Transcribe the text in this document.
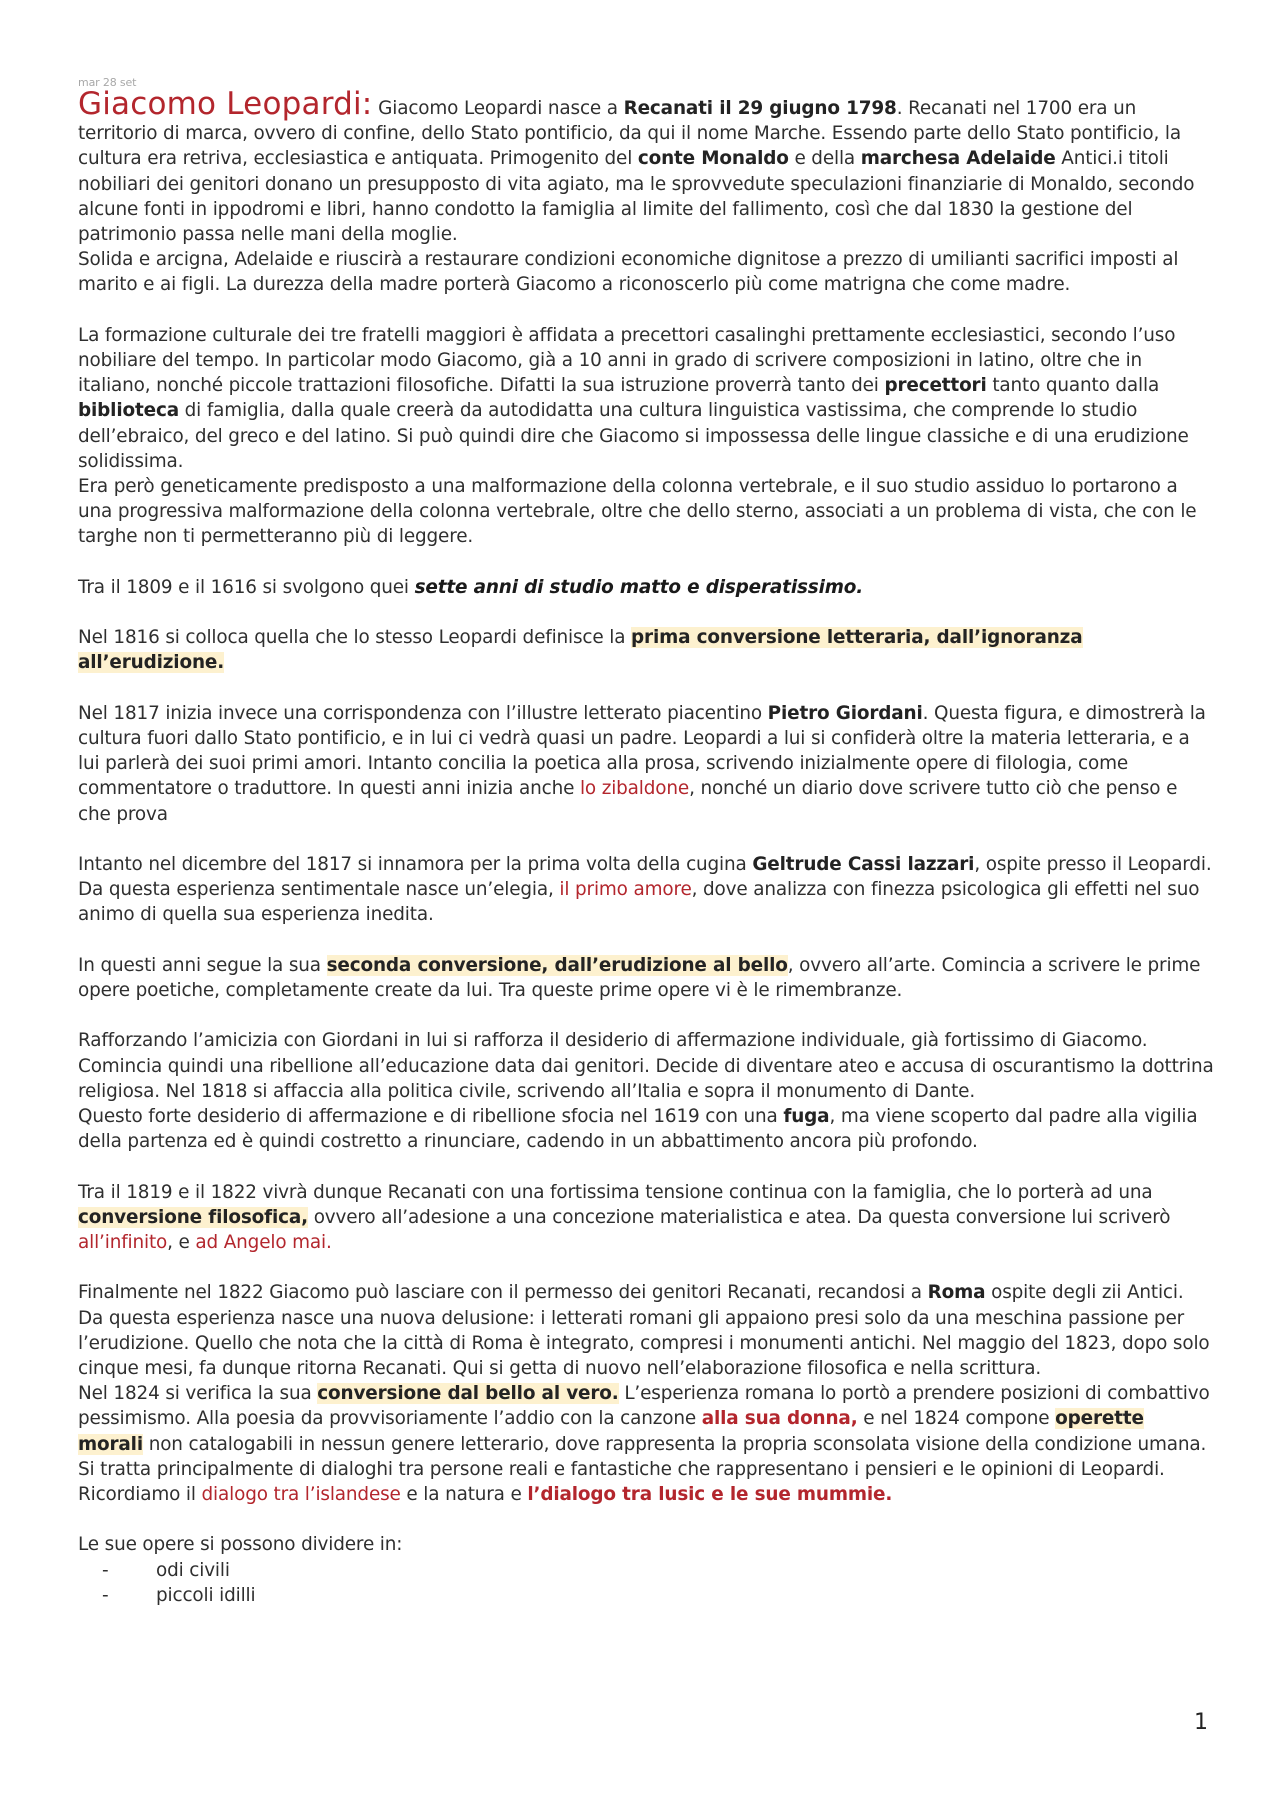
mar 28 set

Giacomo Leopardi: Giacomo Leopardi nasce a Recanati il 29 giugno 1798. Recanati nel 1700 era un territorio di marca, ovvero di confine, dello Stato pontificio, da qui il nome Marche. Essendo parte dello Stato pontificio, la cultura era retriva, ecclesiastica e antiquata. Primogenito del conte Monaldo e della marchesa Adelaide Antici.i titoli nobiliari dei genitori donano un presupposto di vita agiato, ma le sprovvedute speculazioni finanziarie di Monaldo, secondo alcune fonti in ippodromi e libri, hanno condotto la famiglia al limite del fallimento, così che dal 1830 la gestione del patrimonio passa nelle mani della moglie.

Solida e arcigna, Adelaide e riuscirà a restaurare condizioni economiche dignitose a prezzo di umilianti sacrifici imposti al marito e ai figli. La durezza della madre porterà Giacomo a riconoscerlo più come matrigna che come madre.

La formazione culturale dei tre fratelli maggiori è affidata a precettori casalinghi prettamente ecclesiastici, secondo l’uso nobiliare del tempo. In particolar modo Giacomo, già a 10 anni in grado di scrivere composizioni in latino, oltre che in italiano, nonché piccole trattazioni filosofiche. Difatti la sua istruzione proverrà tanto dei precettori tanto quanto dalla biblioteca di famiglia, dalla quale creerà da autodidatta una cultura linguistica vastissima, che comprende lo studio dell’ebraico, del greco e del latino. Si può quindi dire che Giacomo si impossessa delle lingue classiche e di una erudizione solidissima.

Era però geneticamente predisposto a una malformazione della colonna vertebrale, e il suo studio assiduo lo portarono a una progressiva malformazione della colonna vertebrale, oltre che dello sterno, associati a un problema di vista, che con le targhe non ti permetteranno più di leggere.

Tra il 1809 e il 1616 si svolgono quei sette anni di studio matto e disperatissimo.

Nel 1816 si colloca quella che lo stesso Leopardi definisce la prima conversione letteraria, dall’ignoranza all’erudizione.

Nel 1817 inizia invece una corrispondenza con l’illustre letterato piacentino Pietro Giordani. Questa figura, e dimostrerà la cultura fuori dallo Stato pontificio, e in lui ci vedrà quasi un padre. Leopardi a lui si confiderà oltre la materia letteraria, e a lui parlerà dei suoi primi amori. Intanto concilia la poetica alla prosa, scrivendo inizialmente opere di filologia, come commentatore o traduttore. In questi anni inizia anche lo zibaldone, nonché un diario dove scrivere tutto ciò che penso e che prova

Intanto nel dicembre del 1817 si innamora per la prima volta della cugina Geltrude Cassi lazzari, ospite presso il Leopardi. Da questa esperienza sentimentale nasce un’elegia, il primo amore, dove analizza con finezza psicologica gli effetti nel suo animo di quella sua esperienza inedita.

In questi anni segue la sua seconda conversione, dall’erudizione al bello, ovvero all’arte. Comincia a scrivere le prime opere poetiche, completamente create da lui. Tra queste prime opere vi è le rimembranze.

Rafforzando l’amicizia con Giordani in lui si rafforza il desiderio di affermazione individuale, già fortissimo di Giacomo. Comincia quindi una ribellione all’educazione data dai genitori. Decide di diventare ateo e accusa di oscurantismo la dottrina religiosa. Nel 1818 si affaccia alla politica civile, scrivendo all’Italia e sopra il monumento di Dante.

Questo forte desiderio di affermazione e di ribellione sfocia nel 1619 con una fuga, ma viene scoperto dal padre alla vigilia della partenza ed è quindi costretto a rinunciare, cadendo in un abbattimento ancora più profondo.

Tra il 1819 e il 1822 vivrà dunque Recanati con una fortissima tensione continua con la famiglia, che lo porterà ad una conversione filosofica, ovvero all’adesione a una concezione materialistica e atea. Da questa conversione lui scriverò all’infinito, e ad Angelo mai.

Finalmente nel 1822 Giacomo può lasciare con il permesso dei genitori Recanati, recandosi a Roma ospite degli zii Antici. Da questa esperienza nasce una nuova delusione: i letterati romani gli appaiono presi solo da una meschina passione per l’erudizione. Quello che nota che la città di Roma è integrato, compresi i monumenti antichi. Nel maggio del 1823, dopo solo cinque mesi, fa dunque ritorna Recanati. Qui si getta di nuovo nell’elaborazione filosofica e nella scrittura.

Nel 1824 si verifica la sua conversione dal bello al vero. L’esperienza romana lo portò a prendere posizioni di combattivo pessimismo. Alla poesia da provvisoriamente l’addio con la canzone alla sua donna, e nel 1824 compone operette morali non catalogabili in nessun genere letterario, dove rappresenta la propria sconsolata visione della condizione umana. Si tratta principalmente di dialoghi tra persone reali e fantastiche che rappresentano i pensieri e le opinioni di Leopardi. Ricordiamo il dialogo tra l’islandese e la natura e l’dialogo tra lusic e le sue mummie.

Le sue opere si possono dividere in:

- odi civili
- piccoli idilli
1
